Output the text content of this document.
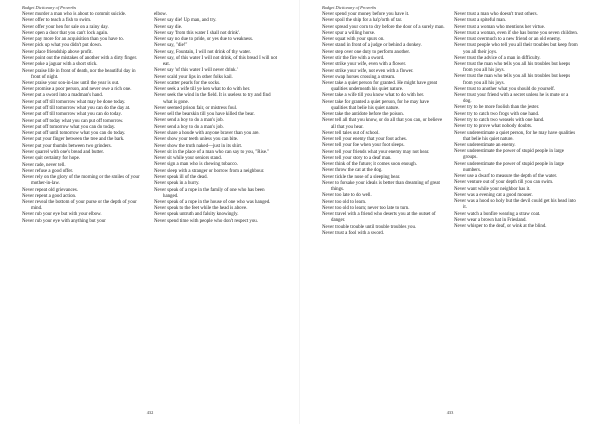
Budget Dictionary of Proverbs

Never murder a man who is about to commit suicide.

Never offer to teach a fish to swim.

Never offer your hen for sale on a rainy day.

Never open a door that you can't lock again.

Never pay more for an acquisition than you have to.

Never pick up what you didn't put down.

Never place friendship above profit.

Never point out the mistakes of another with a dirty finger.

Never poke a jaguar with a short stick.

Never praise life in front of death, nor the beautiful day in front of night.

Never praise your son-in-law until the year is out.

Never promise a poor person, and never owe a rich one.

Never put a sword into a madman's hand.

Never put off till tomorrow what may be done today.

Never put off till tomorrow what you can do the day at.

Never put off till tomorrow what you can do today.

Never put off today what you can put off tomorrow.

Never put off tomorrow what you can do today.

Never put off until tomorrow what you can do today.

Never put your finger between the tree and the bark.

Never put your thumbs between two grinders.

Never quarrel with one's bread and butter.

Never quit certainty for hope.

Never rade, never tell.

Never refuse a good offer.

Never rely on the glory of the morning or the smiles of your mother-in-law.

Never repeat old grievances.

Never repent a good action.

Never reveal the bottom of your purse or the depth of your mind.

Never rub your eye but with your elbow.

Never rub your eye with anything but your

elbow.

Never say die! Up man, and try.

Never say die.

Never say 'from this water I shall not drink'.

Never say no due to pride, or yes due to weakness.

Never say, "die!"

Never say, Fountain, I will not drink of thy water.

Never say, of this water I will not drink, of this bread I will not eat.

Never say 'of this water I will never drink.'

Never scald your lips in other folks kail.

Never scatter pearls for the socks.

Never seek a wife till ye ken what to do with her.

Never seek the wind in the field. It is useless to try and find what is gone.

Never seemed prison fair, or mistress foul.

Never sell the bearskin till you have killed the bear.

Never send a boy to do a man's job.

Never send a boy to do a man's job.

Never share a houde with anyone braver than you are.

Never show your teeth unless you can bite.

Never show the truth naked—just in its shirt.

Never sit in the place of a man who can say to you, "Rise."

Never sit while your seniors stand.

Never sign a man who is chewing tobacco.

Never sleep with a stranger or borrow from a neighbour.

Never speak ill of the dead.

Never speak in a hurry.

Never speak of a rope in the family of one who has been hanged.

Never speak of a rope in the house of one who was hanged.

Never speak to the feet while the head is above.

Never speak untruth and falsity knowingly.

Never spend time with people who don't respect you.

432
Budget Dictionary of Proverbs

Never spend your money before you have it.

Never spoil the ship for a ha'p'orth of tar.

Never spread your corn to dry before the door of a surely man.

Never spur a willing horse.

Never squat with your spurs on.

Never stand in front of a judge or behind a donkey.

Never step over one duty to perform another.

Never stir the fire with a sword.

Never strike your wife, even with a flower.

Never strike your wife, not even with a flower.

Never swap horses crossing a stream.

Never take a quiet person for granted. He might have great qualities underneath his quiet nature.

Never take a wife till you know what to do with her.

Never take for granted a quiet person, for he may have qualities that belie his quiet nature.

Never take the antidote before the poison.

Never tell all that you know, or do all that you can, or believe all that you hear.

Never tell tales out of school.

Never tell your enemy that your foot aches.

Never tell your foe when your foot sleeps.

Never tell your friends what your enemy may not hear.

Never tell your story to a deaf man.

Never think of the future; it comes soon enough.

Never throw the cat at the dog.

Never tickle the nose of a sleeping bear.

Never to forsake your ideals is better than dreaming of great things.

Never too late to do well.

Never too old to learn.

Never too old to learn; never too late to turn.

Never travel with a friend who deserts you at the outset of danger.

Never trouble trouble until trouble troubles you.

Never trust a fool with a sword.

Never trust a man who doesn't trust others.

Never trust a spiteful man.

Never trust a woman who mentions her virtue.

Never trust a woman, even if she has borne you seven children.

Never trust overmuch to a new friend or an old enemy.

Never trust people who tell you all their troubles but keep from you all their joys.

Never trust the advice of a man in difficulty.

Never trust the man who tells you all his troubles but keeps from you all his joys.

Never trust the man who tells you all his troubles but keeps from you all his joys.

Never trust to another what you should do yourself.

Never trust your friend with a secret unless he is mute or a dog.

Never try to be more foolish than the jester.

Never try to catch two frogs with one hand.

Never try to catch two weasels with one hand.

Never try to prove what nobody doubts.

Never underestimate a quiet person, for he may have qualities that belie his quiet nature.

Never underestimate an enemy.

Never underestimate the power of stupid people in large groups.

Never underestimate the power of stupid people in large numbers.

Never use a dwarf to measure the depth of the water.

Never venture out of your depth till you can swim.

Never want while your neighbor has it.

Never was a evening cat a good mouser.

Never was a hood so holy but the devil could get his head into it.

Never watch a bonfire wearing a straw coat.

Never wear a brown hat in Friesland.

Never whisper to the deaf, or wink at the blind.

433
